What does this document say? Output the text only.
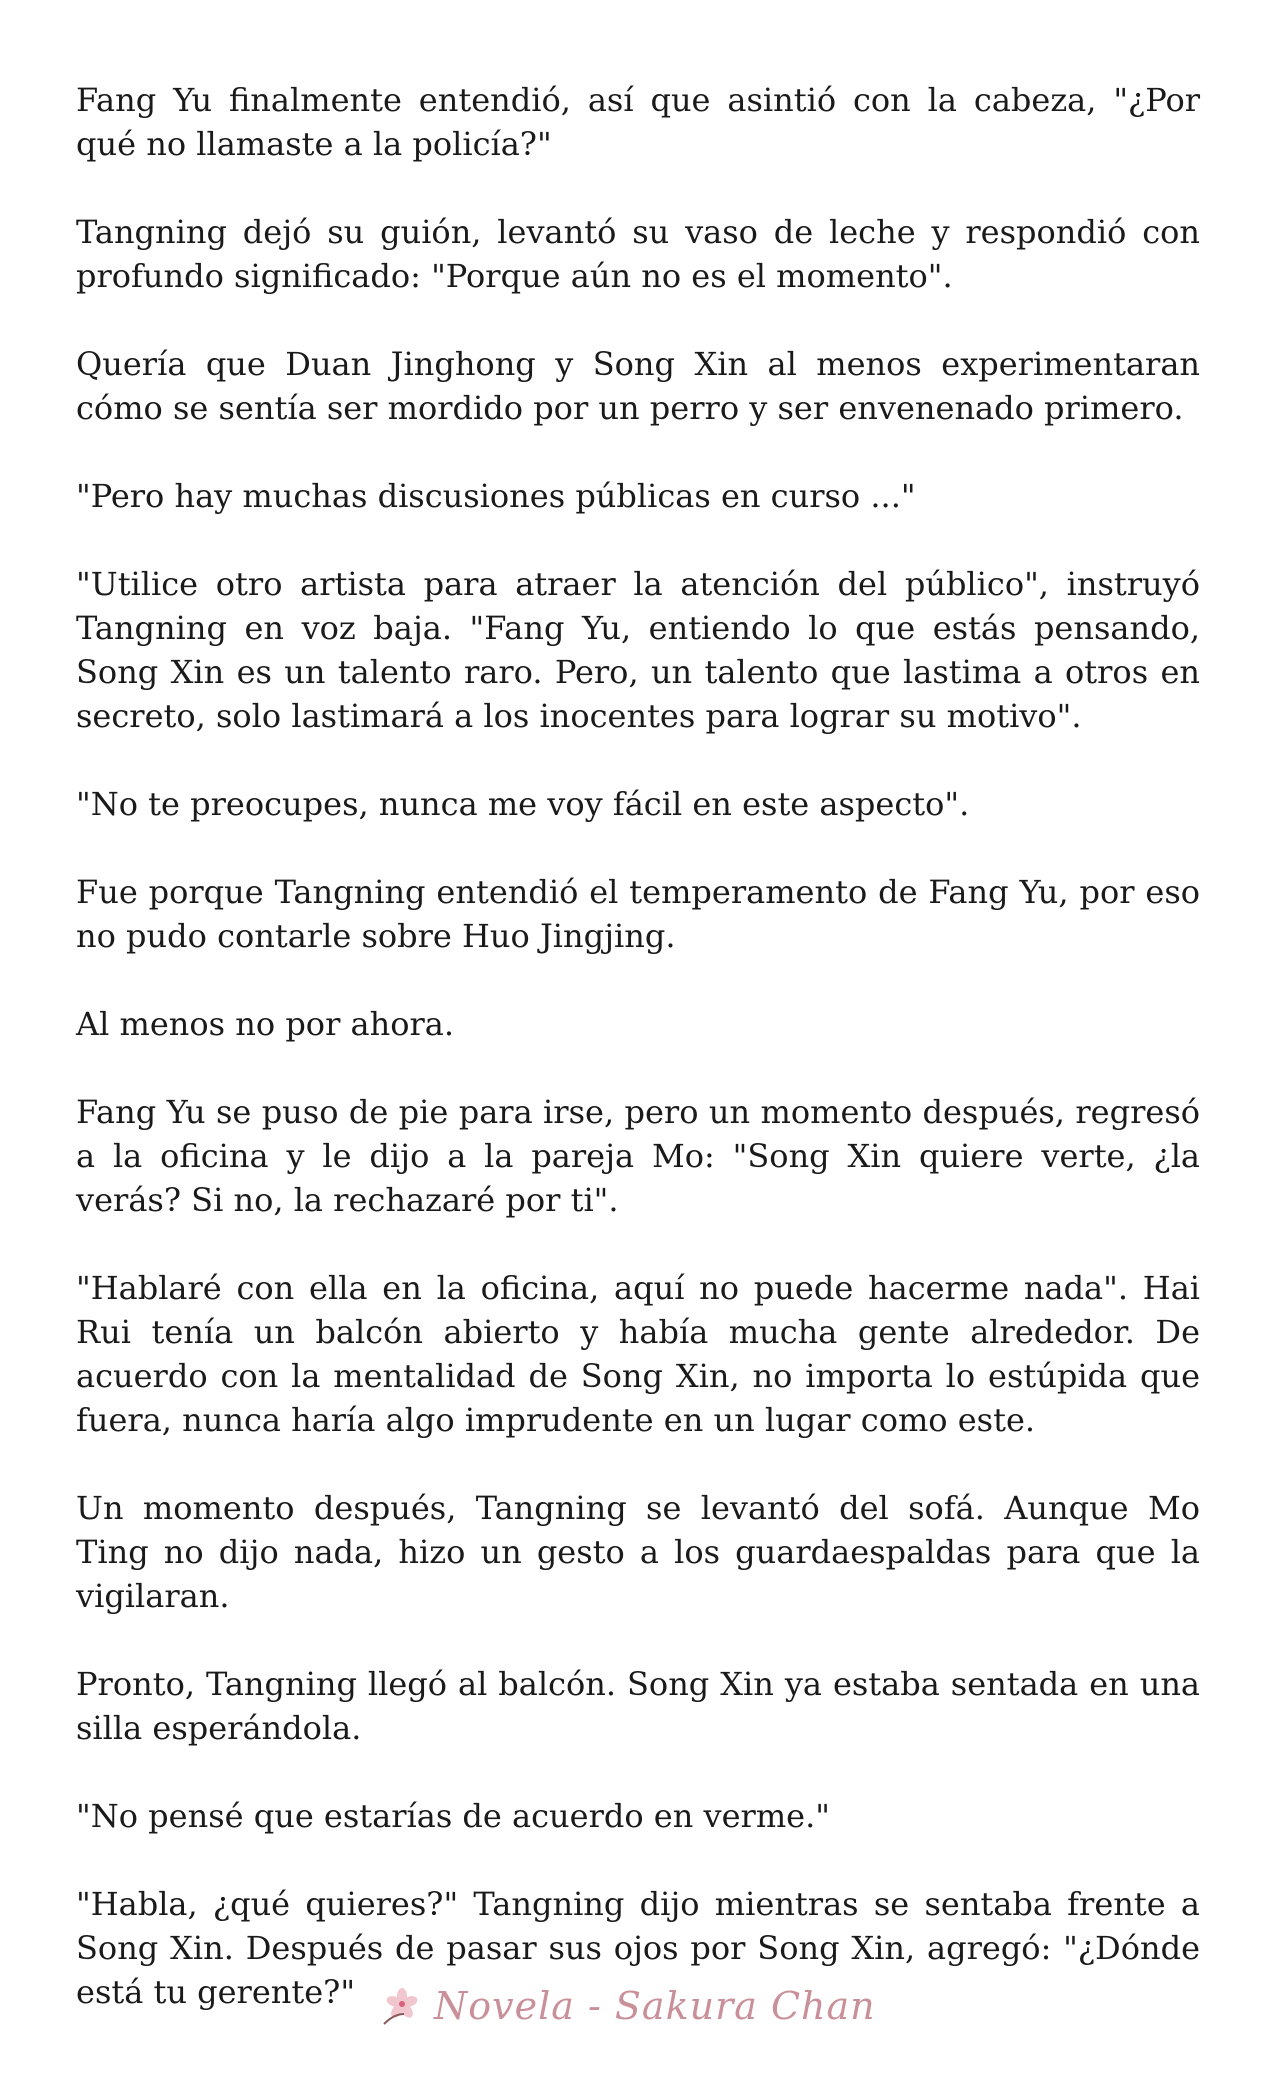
Fang Yu finalmente entendió, así que asintió con la cabeza, "¿Por qué no llamaste a la policía?"

Tangning dejó su guión, levantó su vaso de leche y respondió con profundo significado: "Porque aún no es el momento".

Quería que Duan Jinghong y Song Xin al menos experimentaran cómo se sentía ser mordido por un perro y ser envenenado primero.

"Pero hay muchas discusiones públicas en curso ..."

"Utilice otro artista para atraer la atención del público", instruyó Tangning en voz baja. "Fang Yu, entiendo lo que estás pensando, Song Xin es un talento raro. Pero, un talento que lastima a otros en secreto, solo lastimará a los inocentes para lograr su motivo".

"No te preocupes, nunca me voy fácil en este aspecto".

Fue porque Tangning entendió el temperamento de Fang Yu, por eso no pudo contarle sobre Huo Jingjing.

Al menos no por ahora.

Fang Yu se puso de pie para irse, pero un momento después, regresó a la oficina y le dijo a la pareja Mo: "Song Xin quiere verte, ¿la verás? Si no, la rechazaré por ti".

"Hablaré con ella en la oficina, aquí no puede hacerme nada". Hai Rui tenía un balcón abierto y había mucha gente alrededor. De acuerdo con la mentalidad de Song Xin, no importa lo estúpida que fuera, nunca haría algo imprudente en un lugar como este.

Un momento después, Tangning se levantó del sofá. Aunque Mo Ting no dijo nada, hizo un gesto a los guardaespaldas para que la vigilaran.

Pronto, Tangning llegó al balcón. Song Xin ya estaba sentada en una silla esperándola.

"No pensé que estarías de acuerdo en verme."

"Habla, ¿qué quieres?" Tangning dijo mientras se sentaba frente a Song Xin. Después de pasar sus ojos por Song Xin, agregó: "¿Dónde está tu gerente?"	Novela - Sakura Chan
